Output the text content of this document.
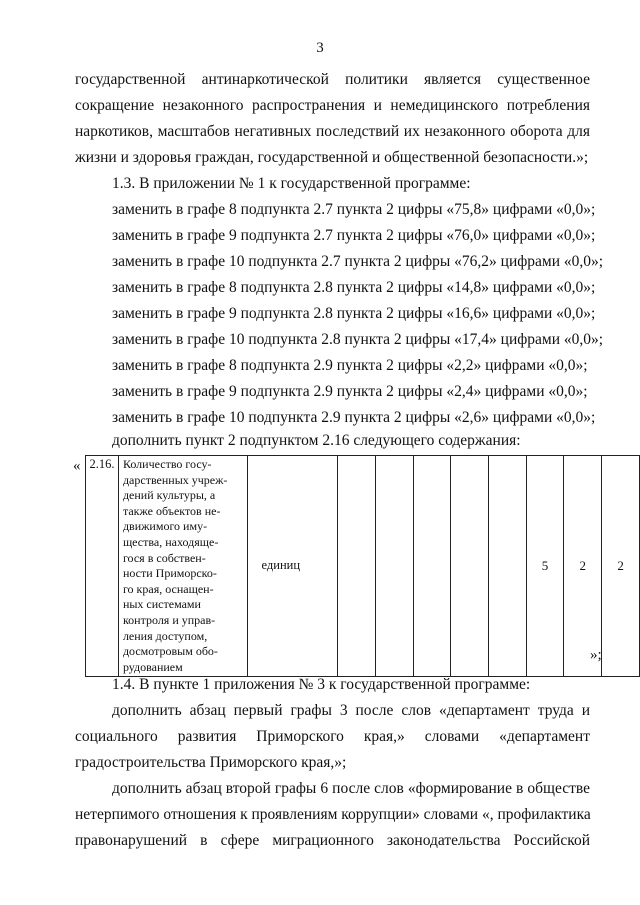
3
государственной антинаркотической политики является существенное
сокращение незаконного распространения и немедицинского потребления
наркотиков, масштабов негативных последствий их незаконного оборота для
жизни и здоровья граждан, государственной и общественной безопасности.»;
1.3. В приложении № 1 к государственной программе:
заменить в графе 8 подпункта 2.7 пункта 2 цифры «75,8» цифрами «0,0»;
заменить в графе 9 подпункта 2.7 пункта 2 цифры «76,0» цифрами «0,0»;
заменить в графе 10 подпункта 2.7 пункта 2 цифры «76,2» цифрами «0,0»;
заменить в графе 8 подпункта 2.8 пункта 2 цифры «14,8» цифрами «0,0»;
заменить в графе 9 подпункта 2.8 пункта 2 цифры «16,6» цифрами «0,0»;
заменить в графе 10 подпункта 2.8 пункта 2 цифры «17,4» цифрами «0,0»;
заменить в графе 8 подпункта 2.9 пункта 2 цифры «2,2» цифрами «0,0»;
заменить в графе 9 подпункта 2.9 пункта 2 цифры «2,4» цифрами «0,0»;
заменить в графе 10 подпункта 2.9 пункта 2 цифры «2,6» цифрами «0,0»;
дополнить пункт 2 подпунктом 2.16 следующего содержания:
« 2.16.	Количество госу-
дарственных учреж-
дений культуры, а
также объектов не-
движимого иму-
щества, находяще-
гося в собствен-
ности Приморско-
го края, оснащен-
ных системами
контроля и управ-
ления доступом,
досмотровым обо-
рудованием
	единиц						5	2	2
»;
1.4. В пункте 1 приложения № 3 к государственной программе:
дополнить абзац первый графы 3 после слов «департамент труда и
социального развития Приморского края,» словами «департамент
градостроительства Приморского края,»;
дополнить абзац второй графы 6 после слов «формирование в обществе
нетерпимого отношения к проявлениям коррупции» словами «, профилактика
правонарушений в сфере миграционного законодательства Российской
